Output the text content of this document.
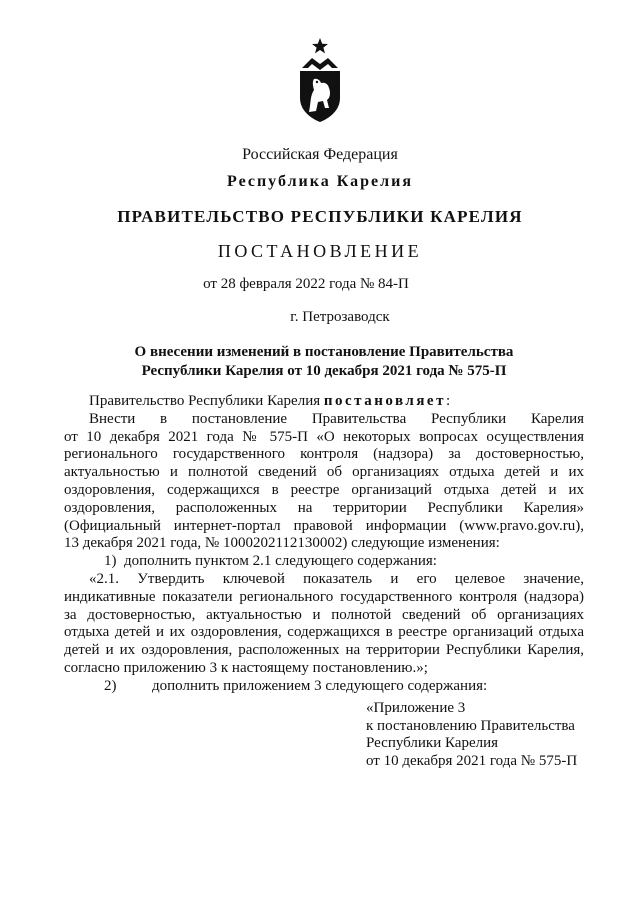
Российская Федерация
Республика Карелия
ПРАВИТЕЛЬСТВО РЕСПУБЛИКИ КАРЕЛИЯ
ПОСТАНОВЛЕНИЕ
от 28 февраля 2022 года № 84-П
г. Петрозаводск
О внесении изменений в постановление Правительства
Республики Карелия от 10 декабря 2021 года № 575-П

Правительство Республики Карелия постановляет:

Внести в постановление Правительства Республики Карелия

от 10 декабря 2021 года № 575-П «О некоторых вопросах осуществления

регионального государственного контроля (надзора) за достоверностью,

актуальностью и полнотой сведений об организациях отдыха детей и их

оздоровления, содержащихся в реестре организаций отдыха детей и их

оздоровления, расположенных на территории Республики Карелия»

(Официальный интернет-портал правовой информации (www.pravo.gov.ru),

13 декабря 2021 года, № 1000202112130002) следующие изменения:

1) дополнить пунктом 2.1 следующего содержания:

«2.1. Утвердить ключевой показатель и его целевое значение,

индикативные показатели регионального государственного контроля (надзора)

за достоверностью, актуальностью и полнотой сведений об организациях

отдыха детей и их оздоровления, содержащихся в реестре организаций отдыха

детей и их оздоровления, расположенных на территории Республики Карелия,

согласно приложению 3 к настоящему постановлению.»;

2) дополнить приложением 3 следующего содержания:

«Приложение 3
к постановлению Правительства
Республики Карелия
от 10 декабря 2021 года № 575-П
